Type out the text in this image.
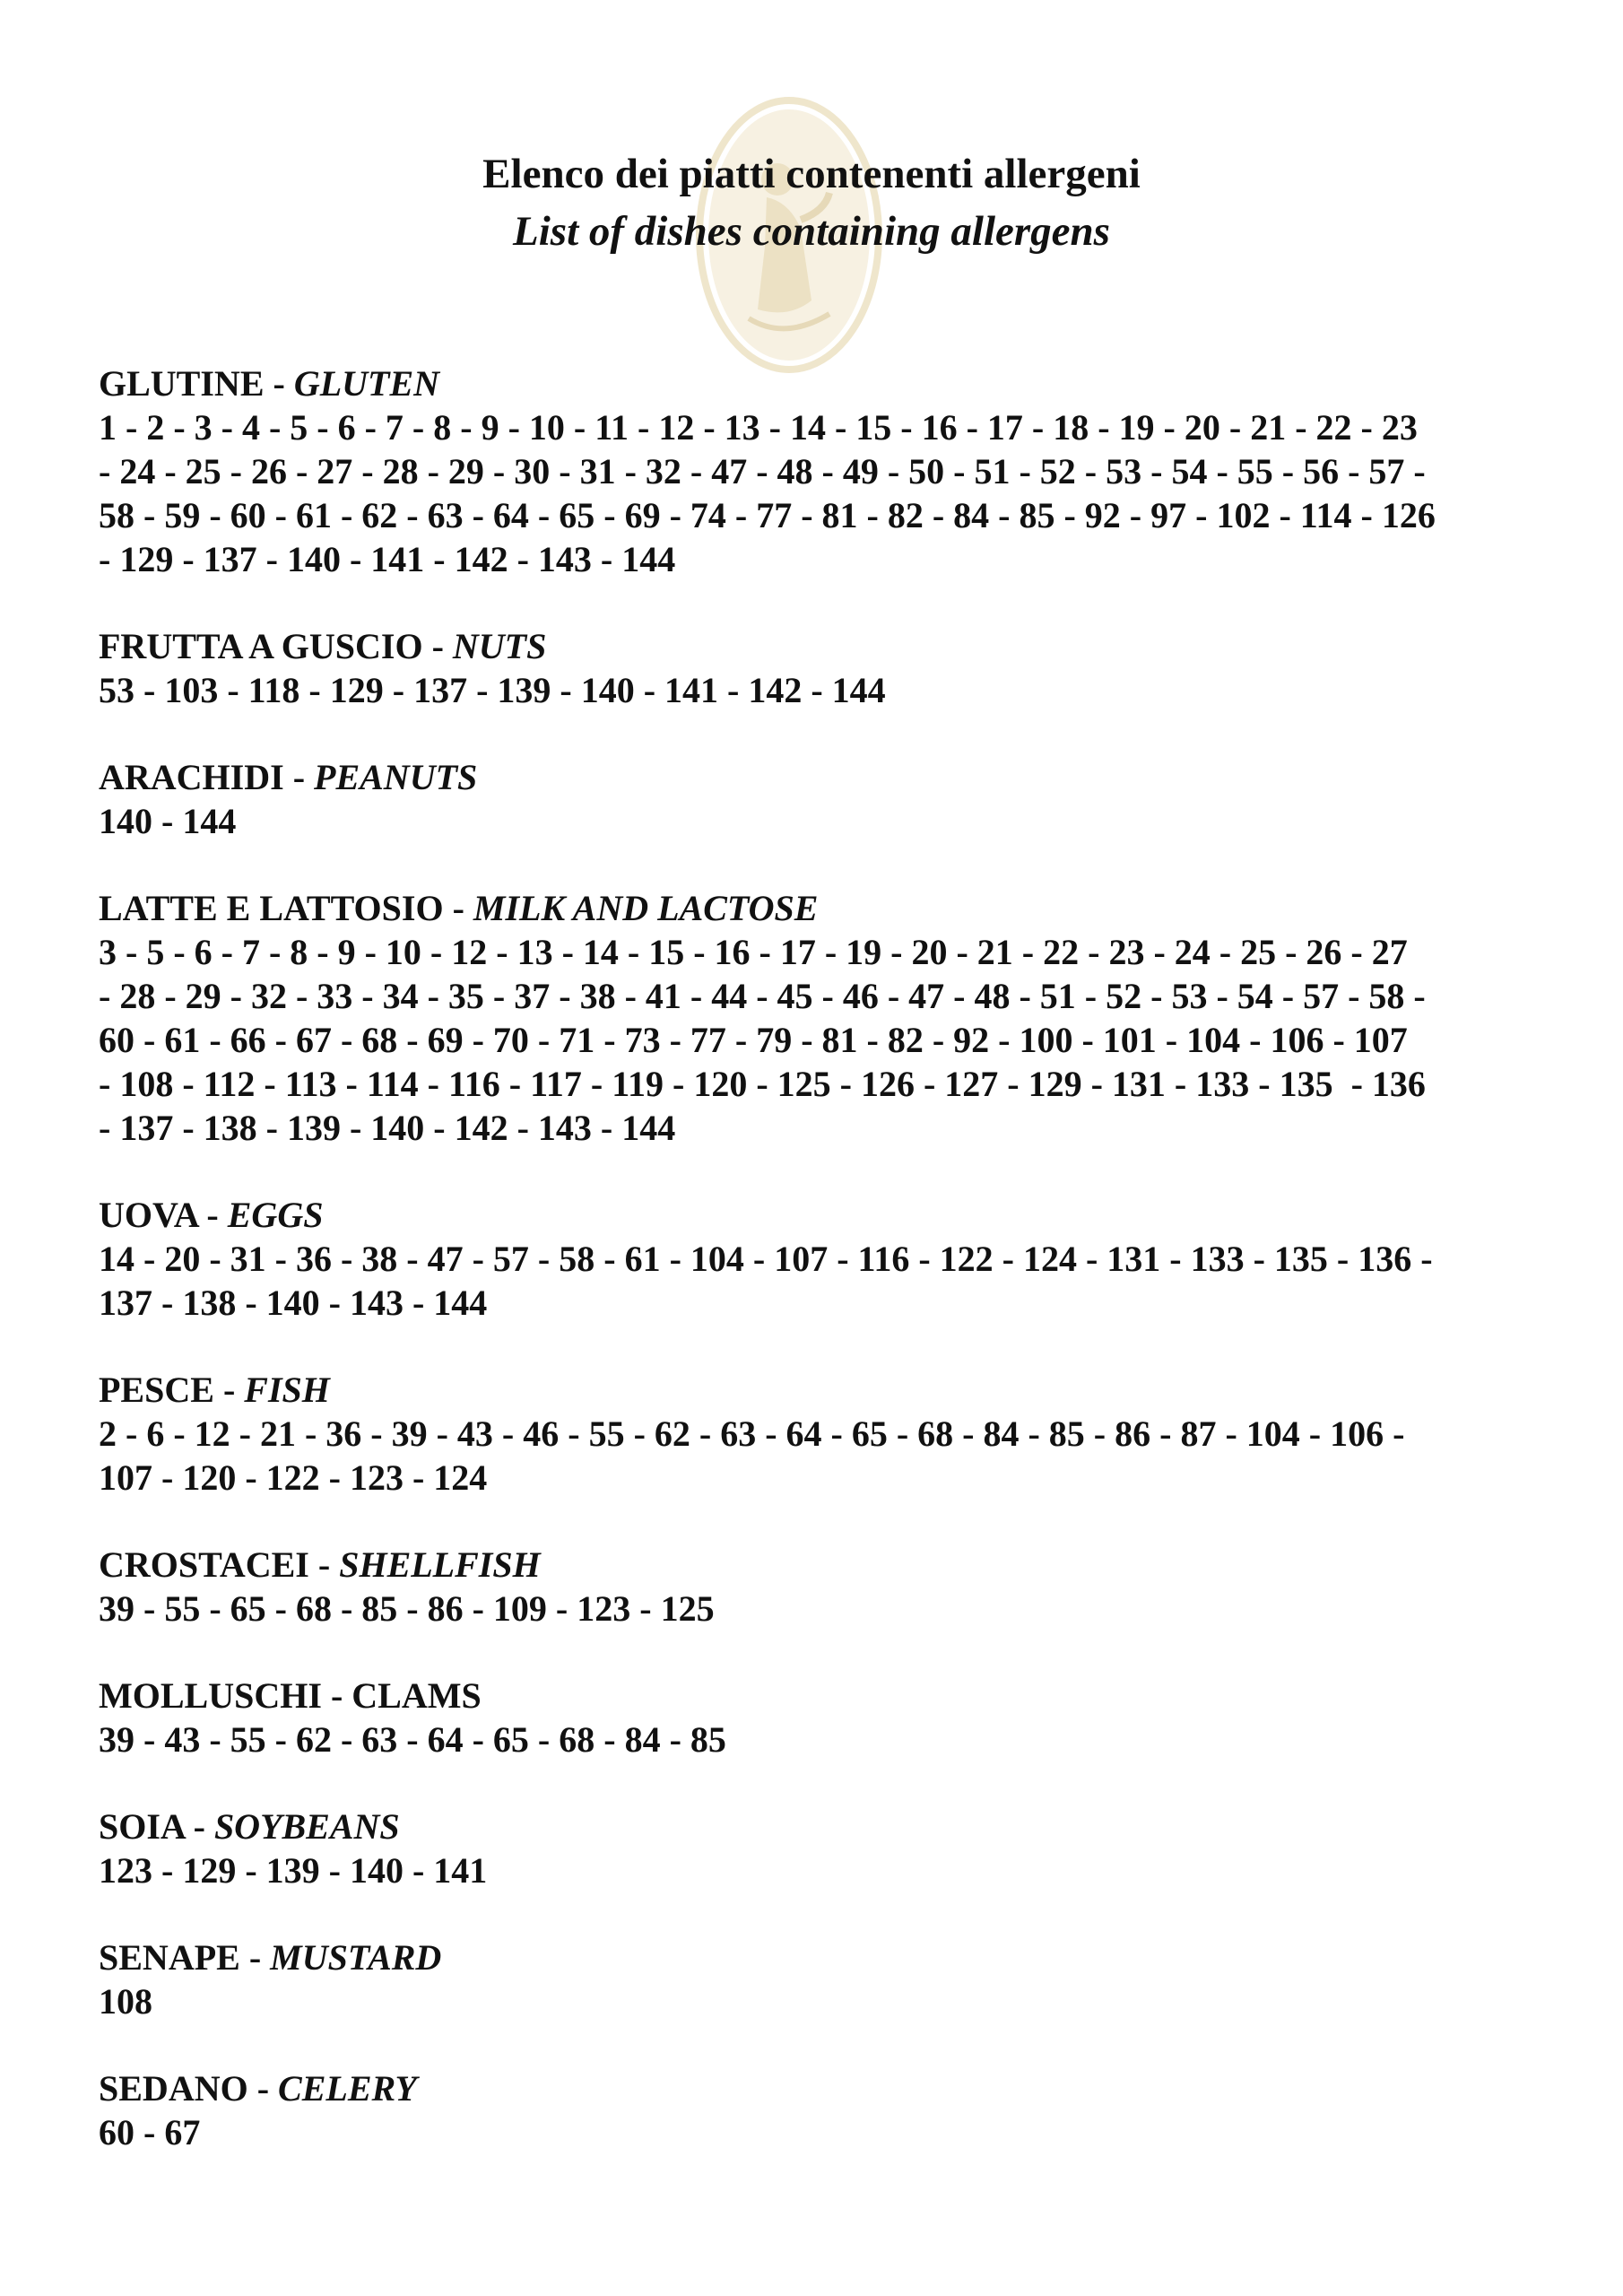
Elenco dei piatti contenenti allergeni
List of dishes containing allergens
GLUTINE - GLUTEN
1 - 2 - 3 - 4 - 5 - 6 - 7 - 8 - 9 - 10 - 11 - 12 - 13 - 14 - 15 - 16 - 17 - 18 - 19 - 20 - 21 - 22 - 23
- 24 - 25 - 26 - 27 - 28 - 29 - 30 - 31 - 32 - 47 - 48 - 49 - 50 - 51 - 52 - 53 - 54 - 55 - 56 - 57 -
58 - 59 - 60 - 61 - 62 - 63 - 64 - 65 - 69 - 74 - 77 - 81 - 82 - 84 - 85 - 92 - 97 - 102 - 114 - 126
- 129 - 137 - 140 - 141 - 142 - 143 - 144
FRUTTA A GUSCIO - NUTS
53 - 103 - 118 - 129 - 137 - 139 - 140 - 141 - 142 - 144
ARACHIDI - PEANUTS
140 - 144
LATTE E LATTOSIO - MILK AND LACTOSE
3 - 5 - 6 - 7 - 8 - 9 - 10 - 12 - 13 - 14 - 15 - 16 - 17 - 19 - 20 - 21 - 22 - 23 - 24 - 25 - 26 - 27
- 28 - 29 - 32 - 33 - 34 - 35 - 37 - 38 - 41 - 44 - 45 - 46 - 47 - 48 - 51 - 52 - 53 - 54 - 57 - 58 -
60 - 61 - 66 - 67 - 68 - 69 - 70 - 71 - 73 - 77 - 79 - 81 - 82 - 92 - 100 - 101 - 104 - 106 - 107
- 108 - 112 - 113 - 114 - 116 - 117 - 119 - 120 - 125 - 126 - 127 - 129 - 131 - 133 - 135  - 136
- 137 - 138 - 139 - 140 - 142 - 143 - 144
UOVA - EGGS
14 - 20 - 31 - 36 - 38 - 47 - 57 - 58 - 61 - 104 - 107 - 116 - 122 - 124 - 131 - 133 - 135 - 136 -
137 - 138 - 140 - 143 - 144
PESCE - FISH
2 - 6 - 12 - 21 - 36 - 39 - 43 - 46 - 55 - 62 - 63 - 64 - 65 - 68 - 84 - 85 - 86 - 87 - 104 - 106 -
107 - 120 - 122 - 123 - 124
CROSTACEI - SHELLFISH
39 - 55 - 65 - 68 - 85 - 86 - 109 - 123 - 125
MOLLUSCHI - CLAMS
39 - 43 - 55 - 62 - 63 - 64 - 65 - 68 - 84 - 85
SOIA - SOYBEANS
123 - 129 - 139 - 140 - 141
SENAPE - MUSTARD
108
SEDANO - CELERY
60 - 67
